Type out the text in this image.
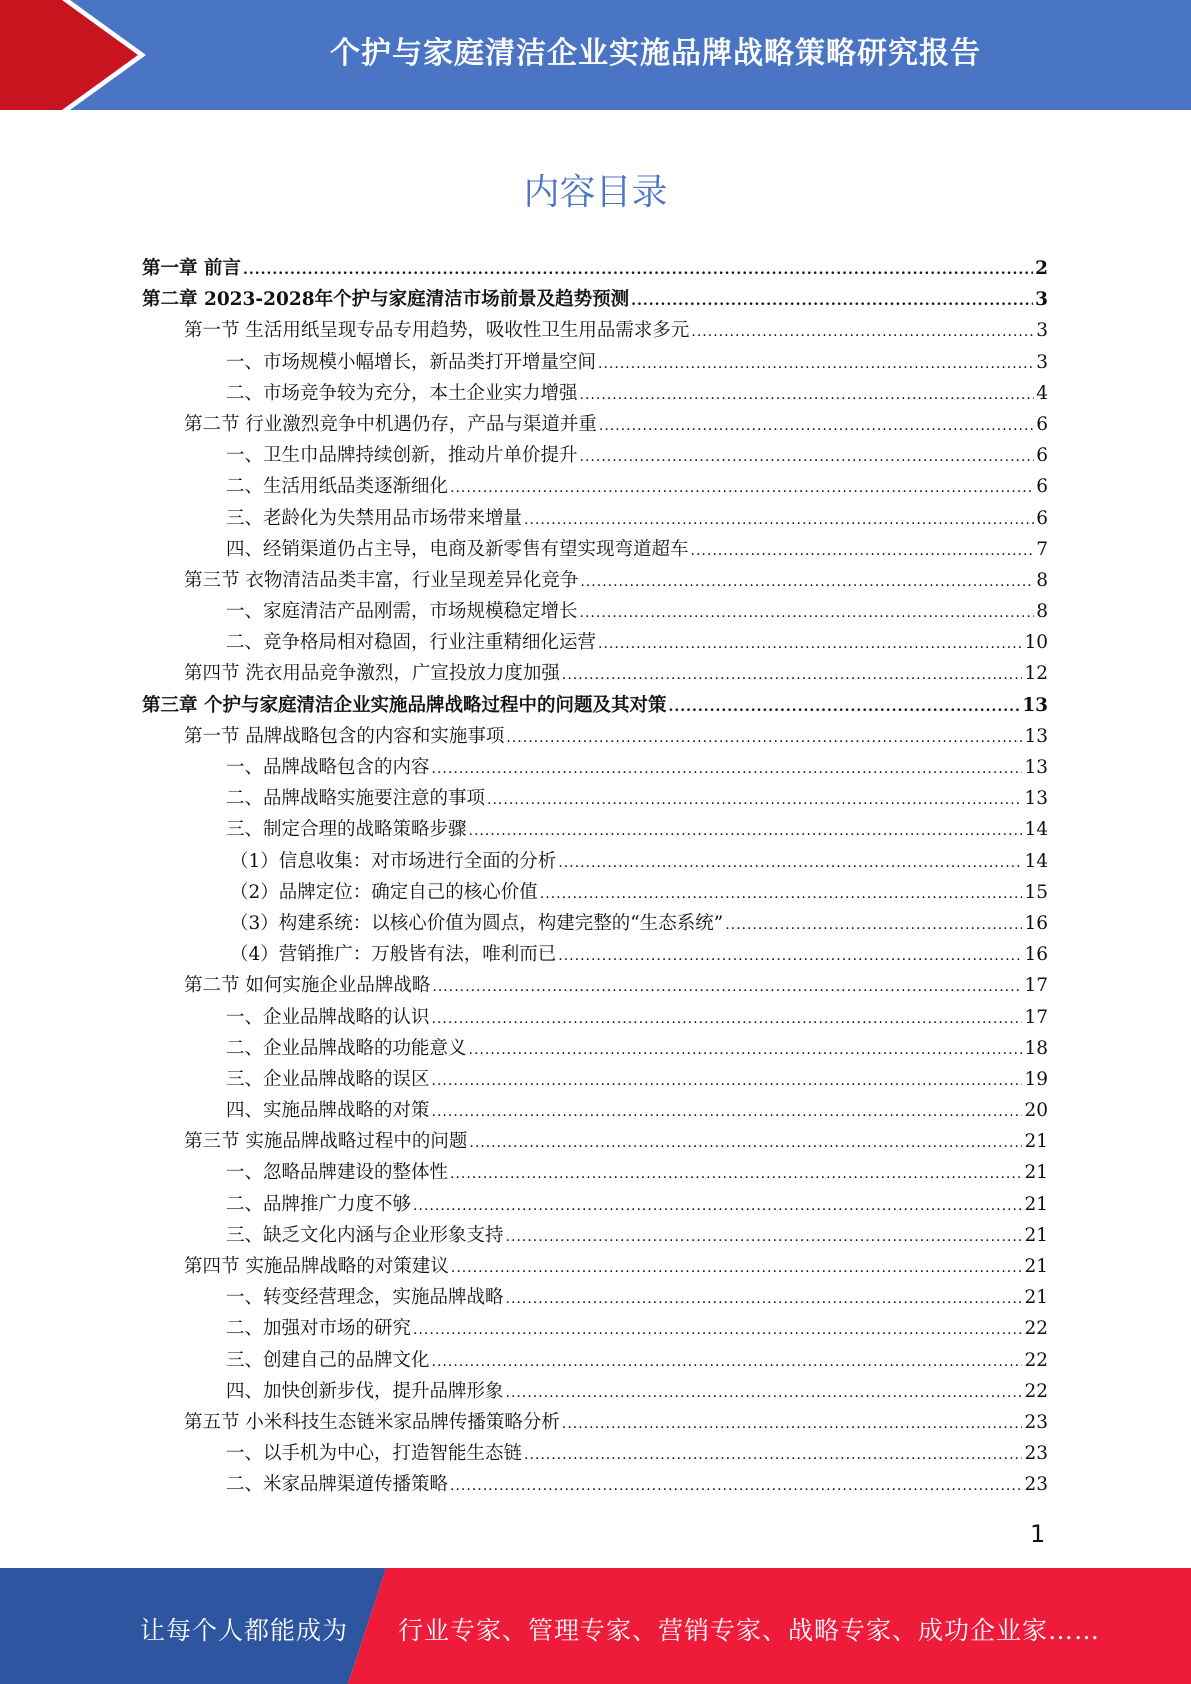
个护与家庭清洁企业实施品牌战略策略研究报告
内容目录
第一章 前言 .....	2
第二章 2023-2028年个护与家庭清洁市场前景及趋势预测 .....	3
第一节 生活用纸呈现专品专用趋势，吸收性卫生用品需求多元 .....	3
一、市场规模小幅增长，新品类打开增量空间 .....	3
二、市场竞争较为充分，本土企业实力增强 .....	4
第二节 行业激烈竞争中机遇仍存，产品与渠道并重 .....	6
一、卫生巾品牌持续创新，推动片单价提升 .....	6
二、生活用纸品类逐渐细化 .....	6
三、老龄化为失禁用品市场带来增量 .....	6
四、经销渠道仍占主导，电商及新零售有望实现弯道超车 .....	7
第三节 衣物清洁品类丰富，行业呈现差异化竞争 .....	8
一、家庭清洁产品刚需，市场规模稳定增长 .....	8
二、竞争格局相对稳固，行业注重精细化运营 .....	10
第四节 洗衣用品竞争激烈，广宣投放力度加强 .....	12
第三章 个护与家庭清洁企业实施品牌战略过程中的问题及其对策 .....	13
第一节 品牌战略包含的内容和实施事项 .....	13
一、品牌战略包含的内容 .....	13
二、品牌战略实施要注意的事项 .....	13
三、制定合理的战略策略步骤 .....	14
（1）信息收集：对市场进行全面的分析 .....	14
（2）品牌定位：确定自己的核心价值 .....	15
（3）构建系统：以核心价值为圆点，构建完整的“生态系统” .....	16
（4）营销推广：万般皆有法，唯利而已 .....	16
第二节 如何实施企业品牌战略 .....	17
一、企业品牌战略的认识 .....	17
二、企业品牌战略的功能意义 .....	18
三、企业品牌战略的误区 .....	19
四、实施品牌战略的对策 .....	20
第三节 实施品牌战略过程中的问题 .....	21
一、忽略品牌建设的整体性 .....	21
二、品牌推广力度不够 .....	21
三、缺乏文化内涵与企业形象支持 .....	21
第四节 实施品牌战略的对策建议 .....	21
一、转变经营理念，实施品牌战略 .....	21
二、加强对市场的研究 .....	22
三、创建自己的品牌文化 .....	22
四、加快创新步伐，提升品牌形象 .....	22
第五节 小米科技生态链米家品牌传播策略分析 .....	23
一、以手机为中心，打造智能生态链 .....	23
二、米家品牌渠道传播策略 .....	23
1
让每个人都能成为 行业专家、管理专家、营销专家、战略专家、成功企业家……
